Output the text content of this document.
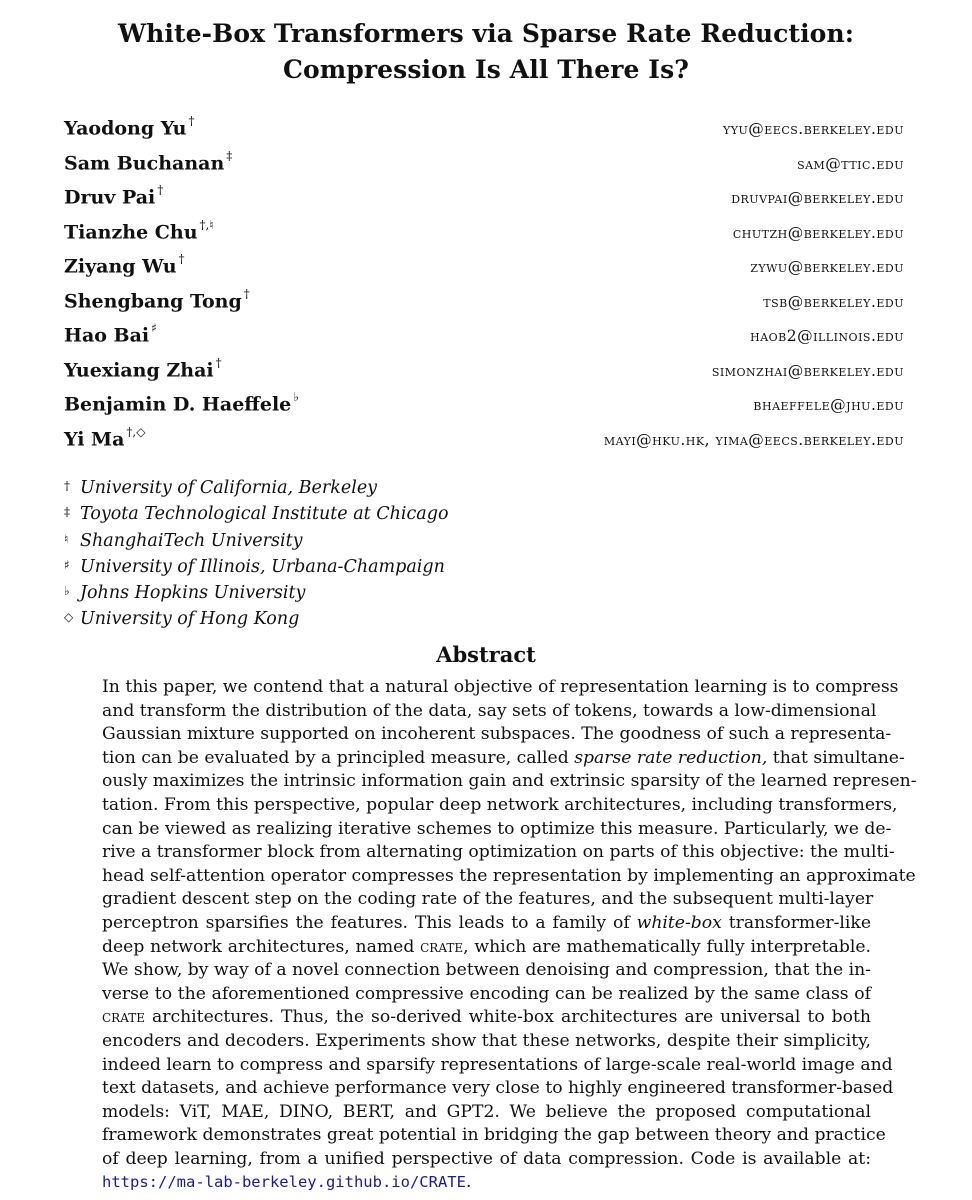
White-Box Transformers via Sparse Rate Reduction:
Compression Is All There Is?
Yaodong Yu †	yyu@eecs.berkeley.edu
Sam Buchanan ‡	sam@ttic.edu
Druv Pai †	druvpai@berkeley.edu
Tianzhe Chu †,♮	chutzh@berkeley.edu
Ziyang Wu †	zywu@berkeley.edu
Shengbang Tong †	tsb@berkeley.edu
Hao Bai ♯	haob2@illinois.edu
Yuexiang Zhai †	simonzhai@berkeley.edu
Benjamin D. Haeffele ♭	bhaeffele@jhu.edu
Yi Ma †,◇	mayi@hku.hk, yima@eecs.berkeley.edu
† University of California, Berkeley
‡ Toyota Technological Institute at Chicago
♮ ShanghaiTech University
♯ University of Illinois, Urbana-Champaign
♭ Johns Hopkins University
◇ University of Hong Kong
Abstract
In this paper, we contend that a natural objective of representation learning is to compress
and transform the distribution of the data, say sets of tokens, towards a low-dimensional
Gaussian mixture supported on incoherent subspaces. The goodness of such a representa-
tion can be evaluated by a principled measure, called sparse rate reduction, that simultane-
ously maximizes the intrinsic information gain and extrinsic sparsity of the learned represen-
tation. From this perspective, popular deep network architectures, including transformers,
can be viewed as realizing iterative schemes to optimize this measure. Particularly, we de-
rive a transformer block from alternating optimization on parts of this objective: the multi-
head self-attention operator compresses the representation by implementing an approximate
gradient descent step on the coding rate of the features, and the subsequent multi-layer
perceptron sparsifies the features. This leads to a family of white-box transformer-like
deep network architectures, named crate, which are mathematically fully interpretable.
We show, by way of a novel connection between denoising and compression, that the in-
verse to the aforementioned compressive encoding can be realized by the same class of
crate architectures. Thus, the so-derived white-box architectures are universal to both
encoders and decoders. Experiments show that these networks, despite their simplicity,
indeed learn to compress and sparsify representations of large-scale real-world image and
text datasets, and achieve performance very close to highly engineered transformer-based
models: ViT, MAE, DINO, BERT, and GPT2. We believe the proposed computational
framework demonstrates great potential in bridging the gap between theory and practice
of deep learning, from a unified perspective of data compression. Code is available at:
https://ma-lab-berkeley.github.io/CRATE.
